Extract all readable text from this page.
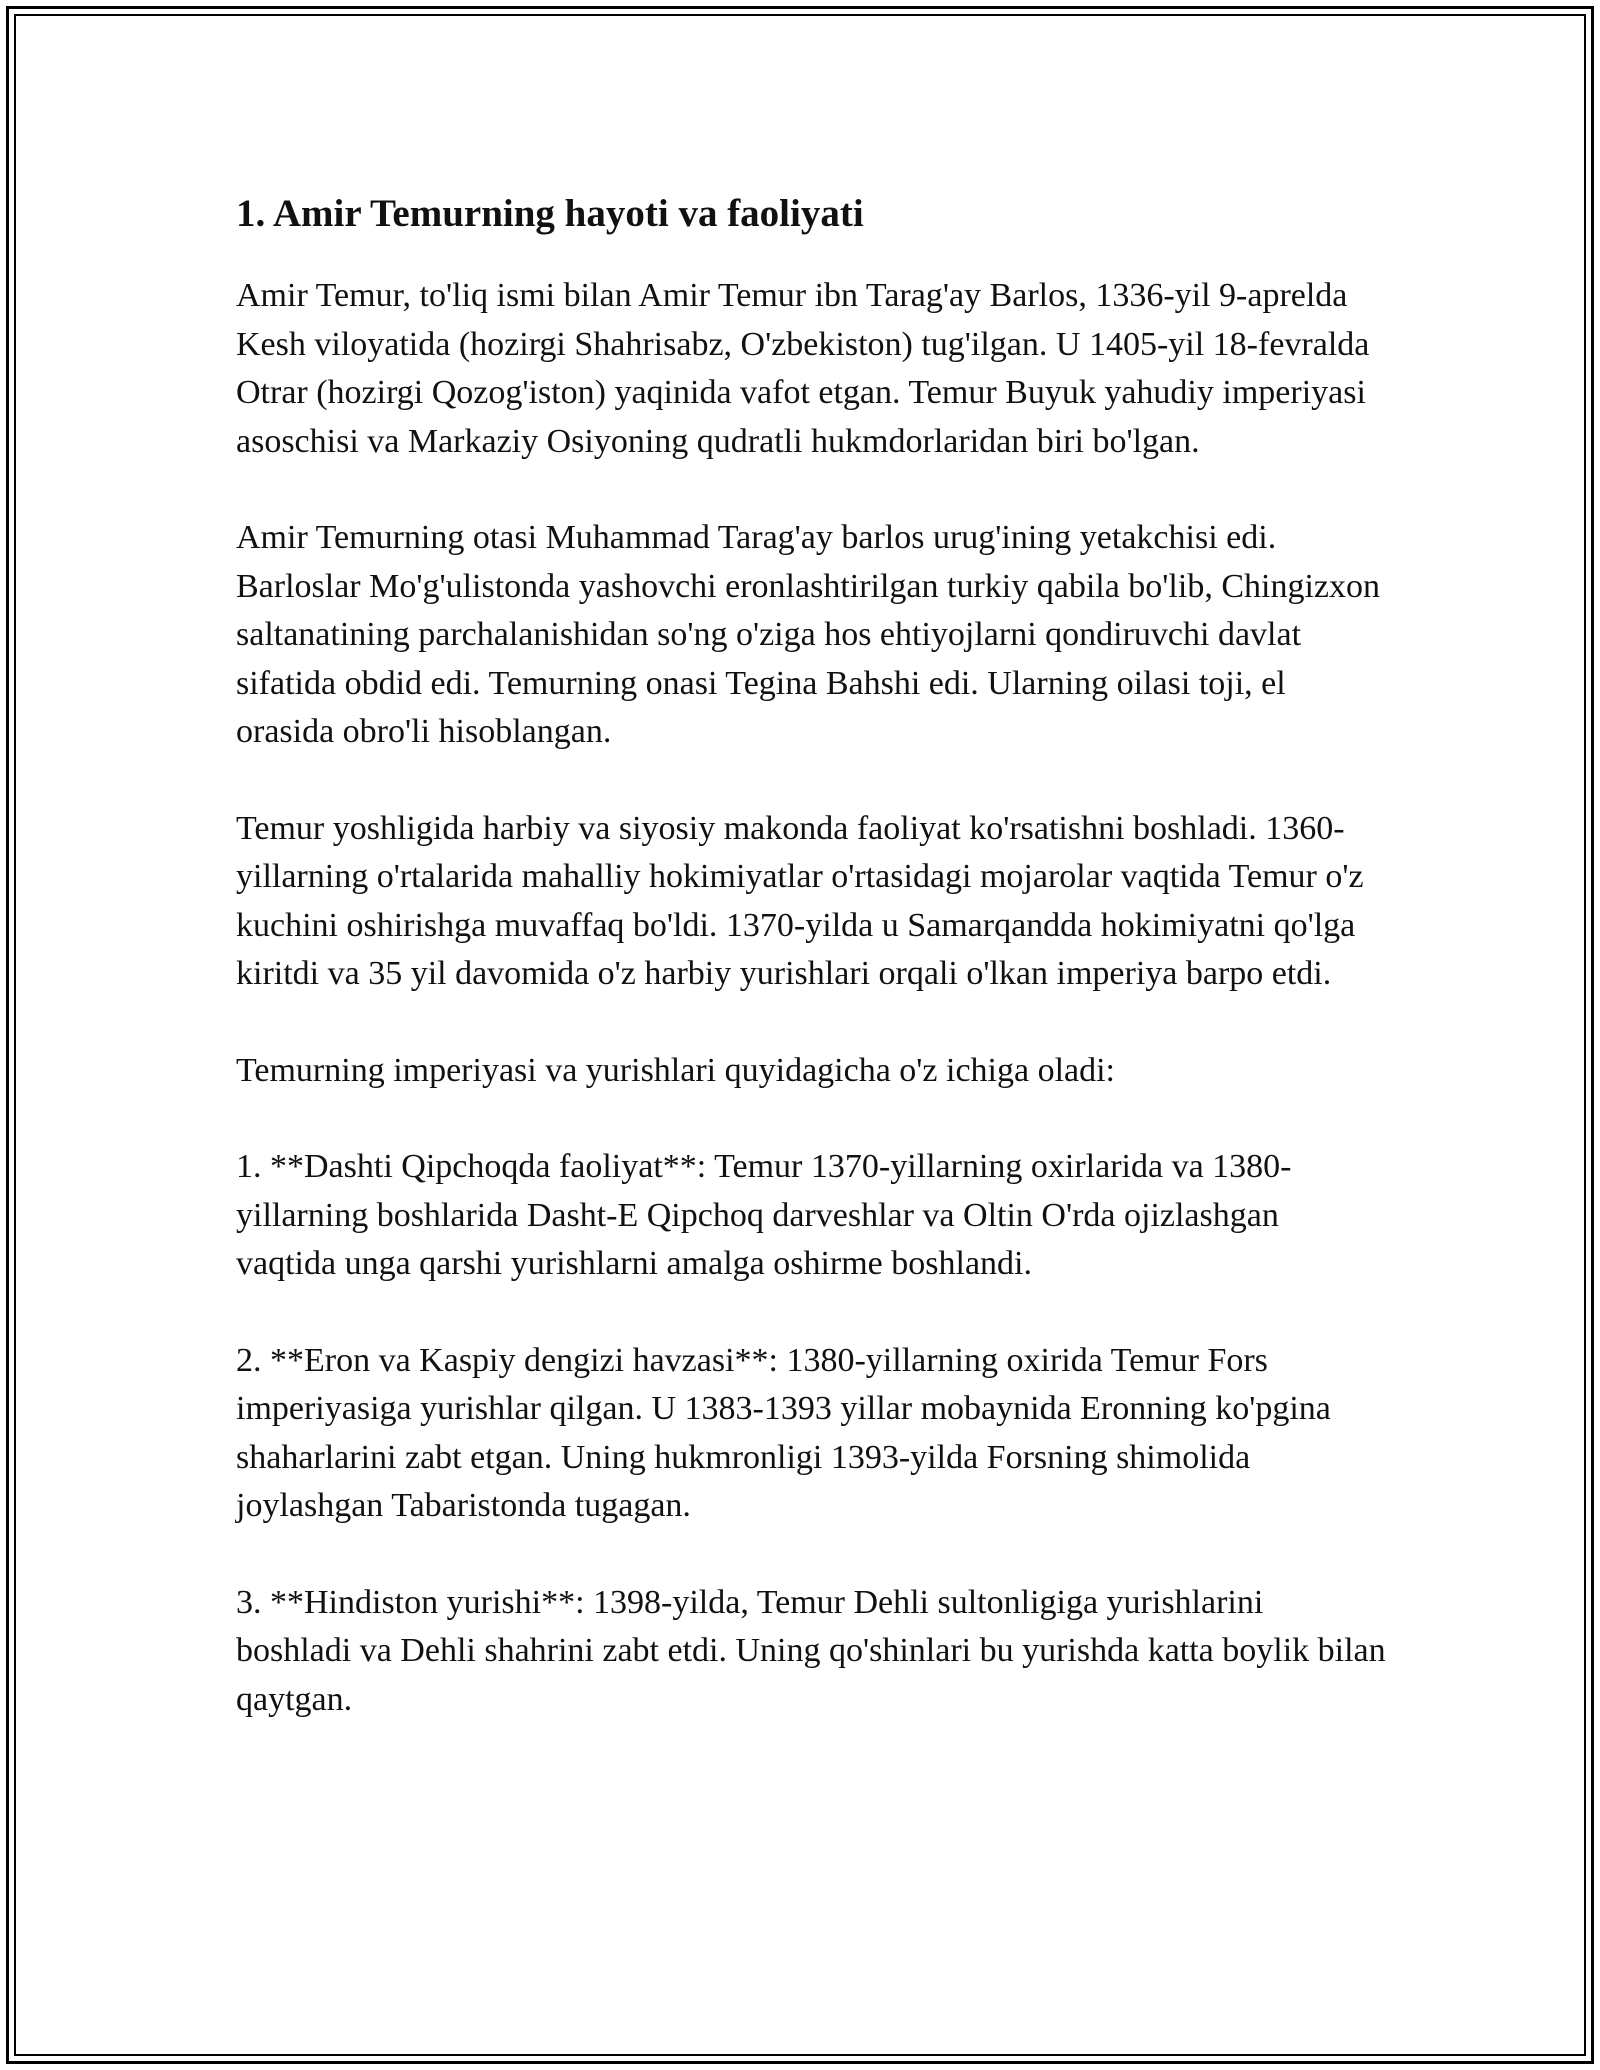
1. Amir Temurning hayoti va faoliyati

Amir Temur, to'liq ismi bilan Amir Temur ibn Tarag'ay Barlos, 1336-yil 9-aprelda Kesh viloyatida (hozirgi Shahrisabz, O'zbekiston) tug'ilgan. U 1405-yil 18-fevralda Otrar (hozirgi Qozog'iston) yaqinida vafot etgan. Temur Buyuk yahudiy imperiyasi asoschisi va Markaziy Osiyoning qudratli hukmdorlaridan biri bo'lgan.

Amir Temurning otasi Muhammad Tarag'ay barlos urug'ining yetakchisi edi. Barloslar Mo'g'ulistonda yashovchi eronlashtirilgan turkiy qabila bo'lib, Chingizxon saltanatining parchalanishidan so'ng o'ziga hos ehtiyojlarni qondiruvchi davlat sifatida obdid edi. Temurning onasi Tegina Bahshi edi. Ularning oilasi toji, el orasida obro'li hisoblangan.

Temur yoshligida harbiy va siyosiy makonda faoliyat ko'rsatishni boshladi. 1360-yillarning o'rtalarida mahalliy hokimiyatlar o'rtasidagi mojarolar vaqtida Temur o'z kuchini oshirishga muvaffaq bo'ldi. 1370-yilda u Samarqandda hokimiyatni qo'lga kiritdi va 35 yil davomida o'z harbiy yurishlari orqali o'lkan imperiya barpo etdi.

Temurning imperiyasi va yurishlari quyidagicha o'z ichiga oladi:

1. **Dashti Qipchoqda faoliyat**: Temur 1370-yillarning oxirlarida va 1380-yillarning boshlarida Dasht-E Qipchoq darveshlar va Oltin O'rda ojizlashgan vaqtida unga qarshi yurishlarni amalga oshirme boshlandi.

2. **Eron va Kaspiy dengizi havzasi**: 1380-yillarning oxirida Temur Fors imperiyasiga yurishlar qilgan. U 1383-1393 yillar mobaynida Eronning ko'pgina shaharlarini zabt etgan. Uning hukmronligi 1393-yilda Forsning shimolida joylashgan Tabaristonda tugagan.

3. **Hindiston yurishi**: 1398-yilda, Temur Dehli sultonligiga yurishlarini boshladi va Dehli shahrini zabt etdi. Uning qo'shinlari bu yurishda katta boylik bilan qaytgan.
